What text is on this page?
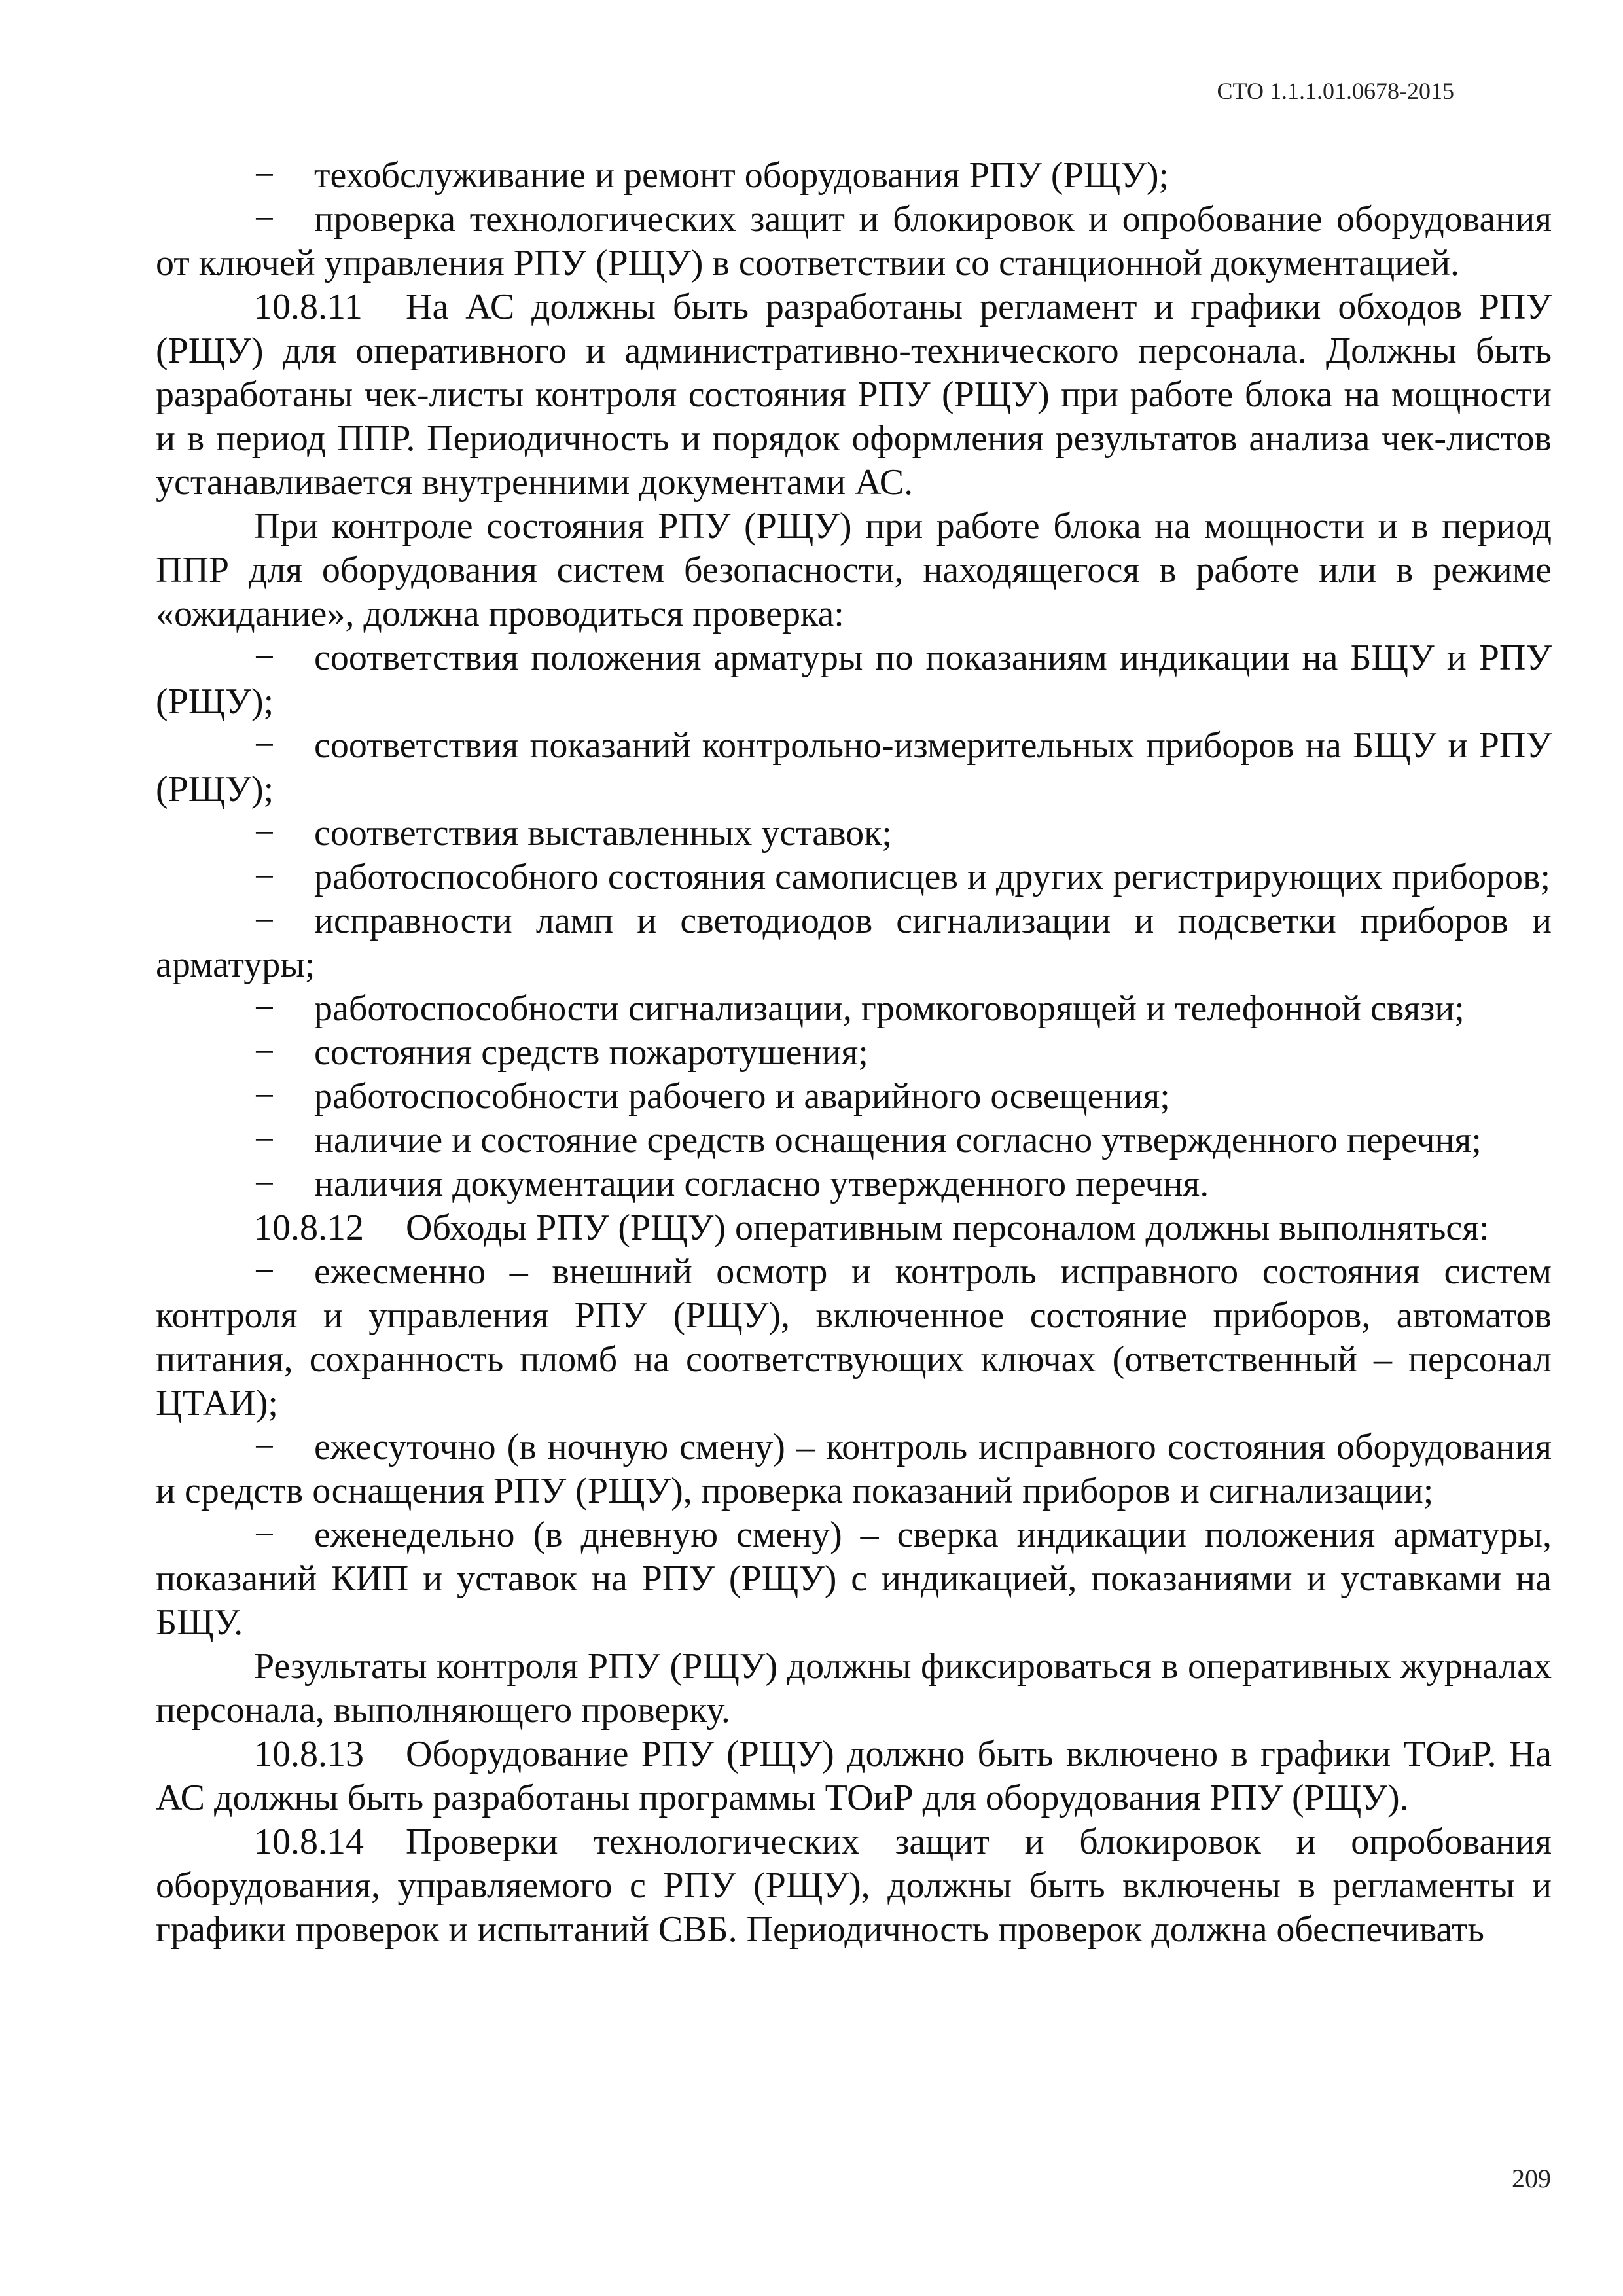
СТО 1.1.1.01.0678-2015

− техобслуживание и ремонт оборудования РПУ (РЩУ);

− проверка технологических защит и блокировок и опробование оборудования от ключей управления РПУ (РЩУ) в соответствии со станционной документацией.

10.8.11 На АС должны быть разработаны регламент и графики обходов РПУ (РЩУ) для оперативного и административно-технического персонала. Должны быть разработаны чек-листы контроля состояния РПУ (РЩУ) при работе блока на мощности и в период ППР. Периодичность и порядок оформления результатов анализа чек-листов устанавливается внутренними документами АС.

При контроле состояния РПУ (РЩУ) при работе блока на мощности и в период ППР для оборудования систем безопасности, находящегося в работе или в режиме «ожидание», должна проводиться проверка:

− соответствия положения арматуры по показаниям индикации на БЩУ и РПУ (РЩУ);

− соответствия показаний контрольно-измерительных приборов на БЩУ и РПУ (РЩУ);

− соответствия выставленных уставок;

− работоспособного состояния самописцев и других регистрирующих приборов;

− исправности ламп и светодиодов сигнализации и подсветки приборов и арматуры;

− работоспособности сигнализации, громкоговорящей и телефонной связи;

− состояния средств пожаротушения;

− работоспособности рабочего и аварийного освещения;

− наличие и состояние средств оснащения согласно утвержденного перечня;

− наличия документации согласно утвержденного перечня.

10.8.12 Обходы РПУ (РЩУ) оперативным персоналом должны выполняться:

− ежесменно – внешний осмотр и контроль исправного состояния систем контроля и управления РПУ (РЩУ), включенное состояние приборов, автоматов питания, сохранность пломб на соответствующих ключах (ответственный – персонал ЦТАИ);

− ежесуточно (в ночную смену) – контроль исправного состояния оборудования и средств оснащения РПУ (РЩУ), проверка показаний приборов и сигнализации;

− еженедельно (в дневную смену) – сверка индикации положения арматуры, показаний КИП и уставок на РПУ (РЩУ) с индикацией, показаниями и уставками на БЩУ.

Результаты контроля РПУ (РЩУ) должны фиксироваться в оперативных журналах персонала, выполняющего проверку.

10.8.13 Оборудование РПУ (РЩУ) должно быть включено в графики ТОиР. На АС должны быть разработаны программы ТОиР для оборудования РПУ (РЩУ).

10.8.14 Проверки технологических защит и блокировок и опробования оборудования, управляемого с РПУ (РЩУ), должны быть включены в регламенты и графики проверок и испытаний СВБ. Периодичность проверок должна обеспечивать

209
